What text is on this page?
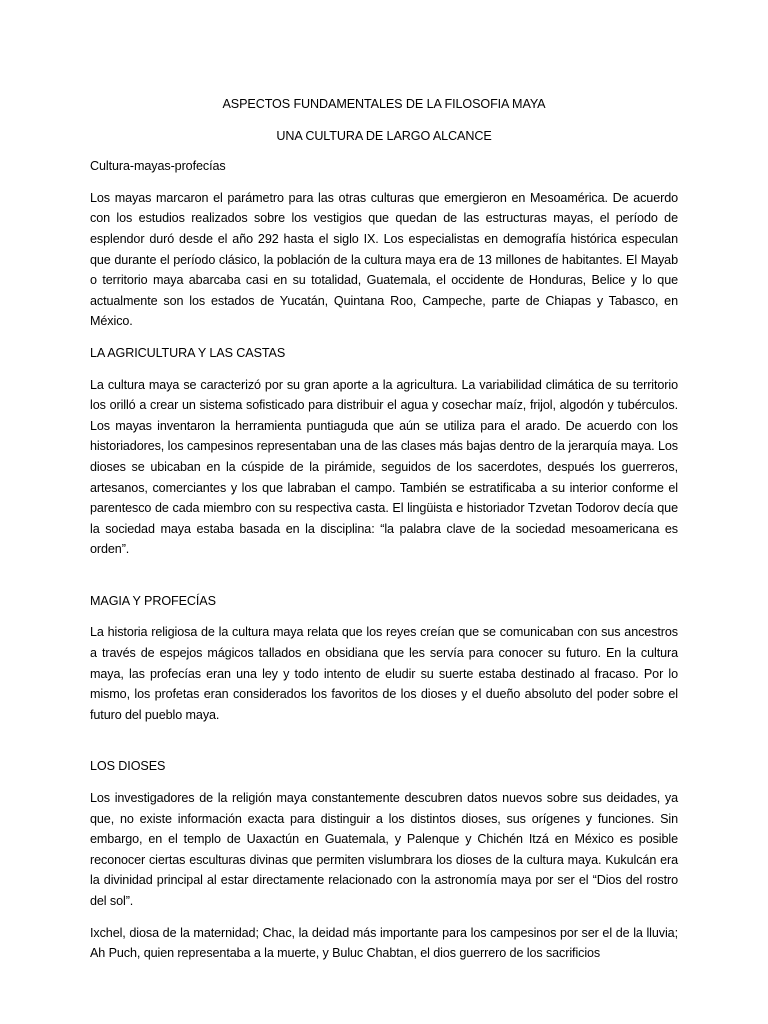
ASPECTOS FUNDAMENTALES DE LA FILOSOFIA MAYA

UNA CULTURA DE LARGO ALCANCE

Cultura-mayas-profecías

Los mayas marcaron el parámetro para las otras culturas que emergieron en Mesoamérica. De acuerdo con los estudios realizados sobre los vestigios que quedan de las estructuras mayas, el período de esplendor duró desde el año 292 hasta el siglo IX. Los especialistas en demografía histórica especulan que durante el período clásico, la población de la cultura maya era de 13 millones de habitantes. El Mayab o territorio maya abarcaba casi en su totalidad, Guatemala, el occidente de Honduras, Belice y lo que actualmente son los estados de Yucatán, Quintana Roo, Campeche, parte de Chiapas y Tabasco, en México.

LA AGRICULTURA Y LAS CASTAS

La cultura maya se caracterizó por su gran aporte a la agricultura. La variabilidad climática de su territorio los orilló a crear un sistema sofisticado para distribuir el agua y cosechar maíz, frijol, algodón y tubérculos. Los mayas inventaron la herramienta puntiaguda que aún se utiliza para el arado. De acuerdo con los historiadores, los campesinos representaban una de las clases más bajas dentro de la jerarquía maya. Los dioses se ubicaban en la cúspide de la pirámide, seguidos de los sacerdotes, después los guerreros, artesanos, comerciantes y los que labraban el campo. También se estratificaba a su interior conforme el parentesco de cada miembro con su respectiva casta. El lingüista e historiador Tzvetan Todorov decía que la sociedad maya estaba basada en la disciplina: “la palabra clave de la sociedad mesoamericana es orden”.

MAGIA Y PROFECÍAS

La historia religiosa de la cultura maya relata que los reyes creían que se comunicaban con sus ancestros a través de espejos mágicos tallados en obsidiana que les servía para conocer su futuro. En la cultura maya, las profecías eran una ley y todo intento de eludir su suerte estaba destinado al fracaso. Por lo mismo, los profetas eran considerados los favoritos de los dioses y el dueño absoluto del poder sobre el futuro del pueblo maya.

LOS DIOSES

Los investigadores de la religión maya constantemente descubren datos nuevos sobre sus deidades, ya que, no existe información exacta para distinguir a los distintos dioses, sus orígenes y funciones. Sin embargo, en el templo de Uaxactún en Guatemala, y Palenque y Chichén Itzá en México es posible reconocer ciertas esculturas divinas que permiten vislumbrara los dioses de la cultura maya. Kukulcán era la divinidad principal al estar directamente relacionado con la astronomía maya por ser el “Dios del rostro del sol”.

Ixchel, diosa de la maternidad; Chac, la deidad más importante para los campesinos por ser el de la lluvia; Ah Puch, quien representaba a la muerte, y Buluc Chabtan, el dios guerrero de los sacrificios
